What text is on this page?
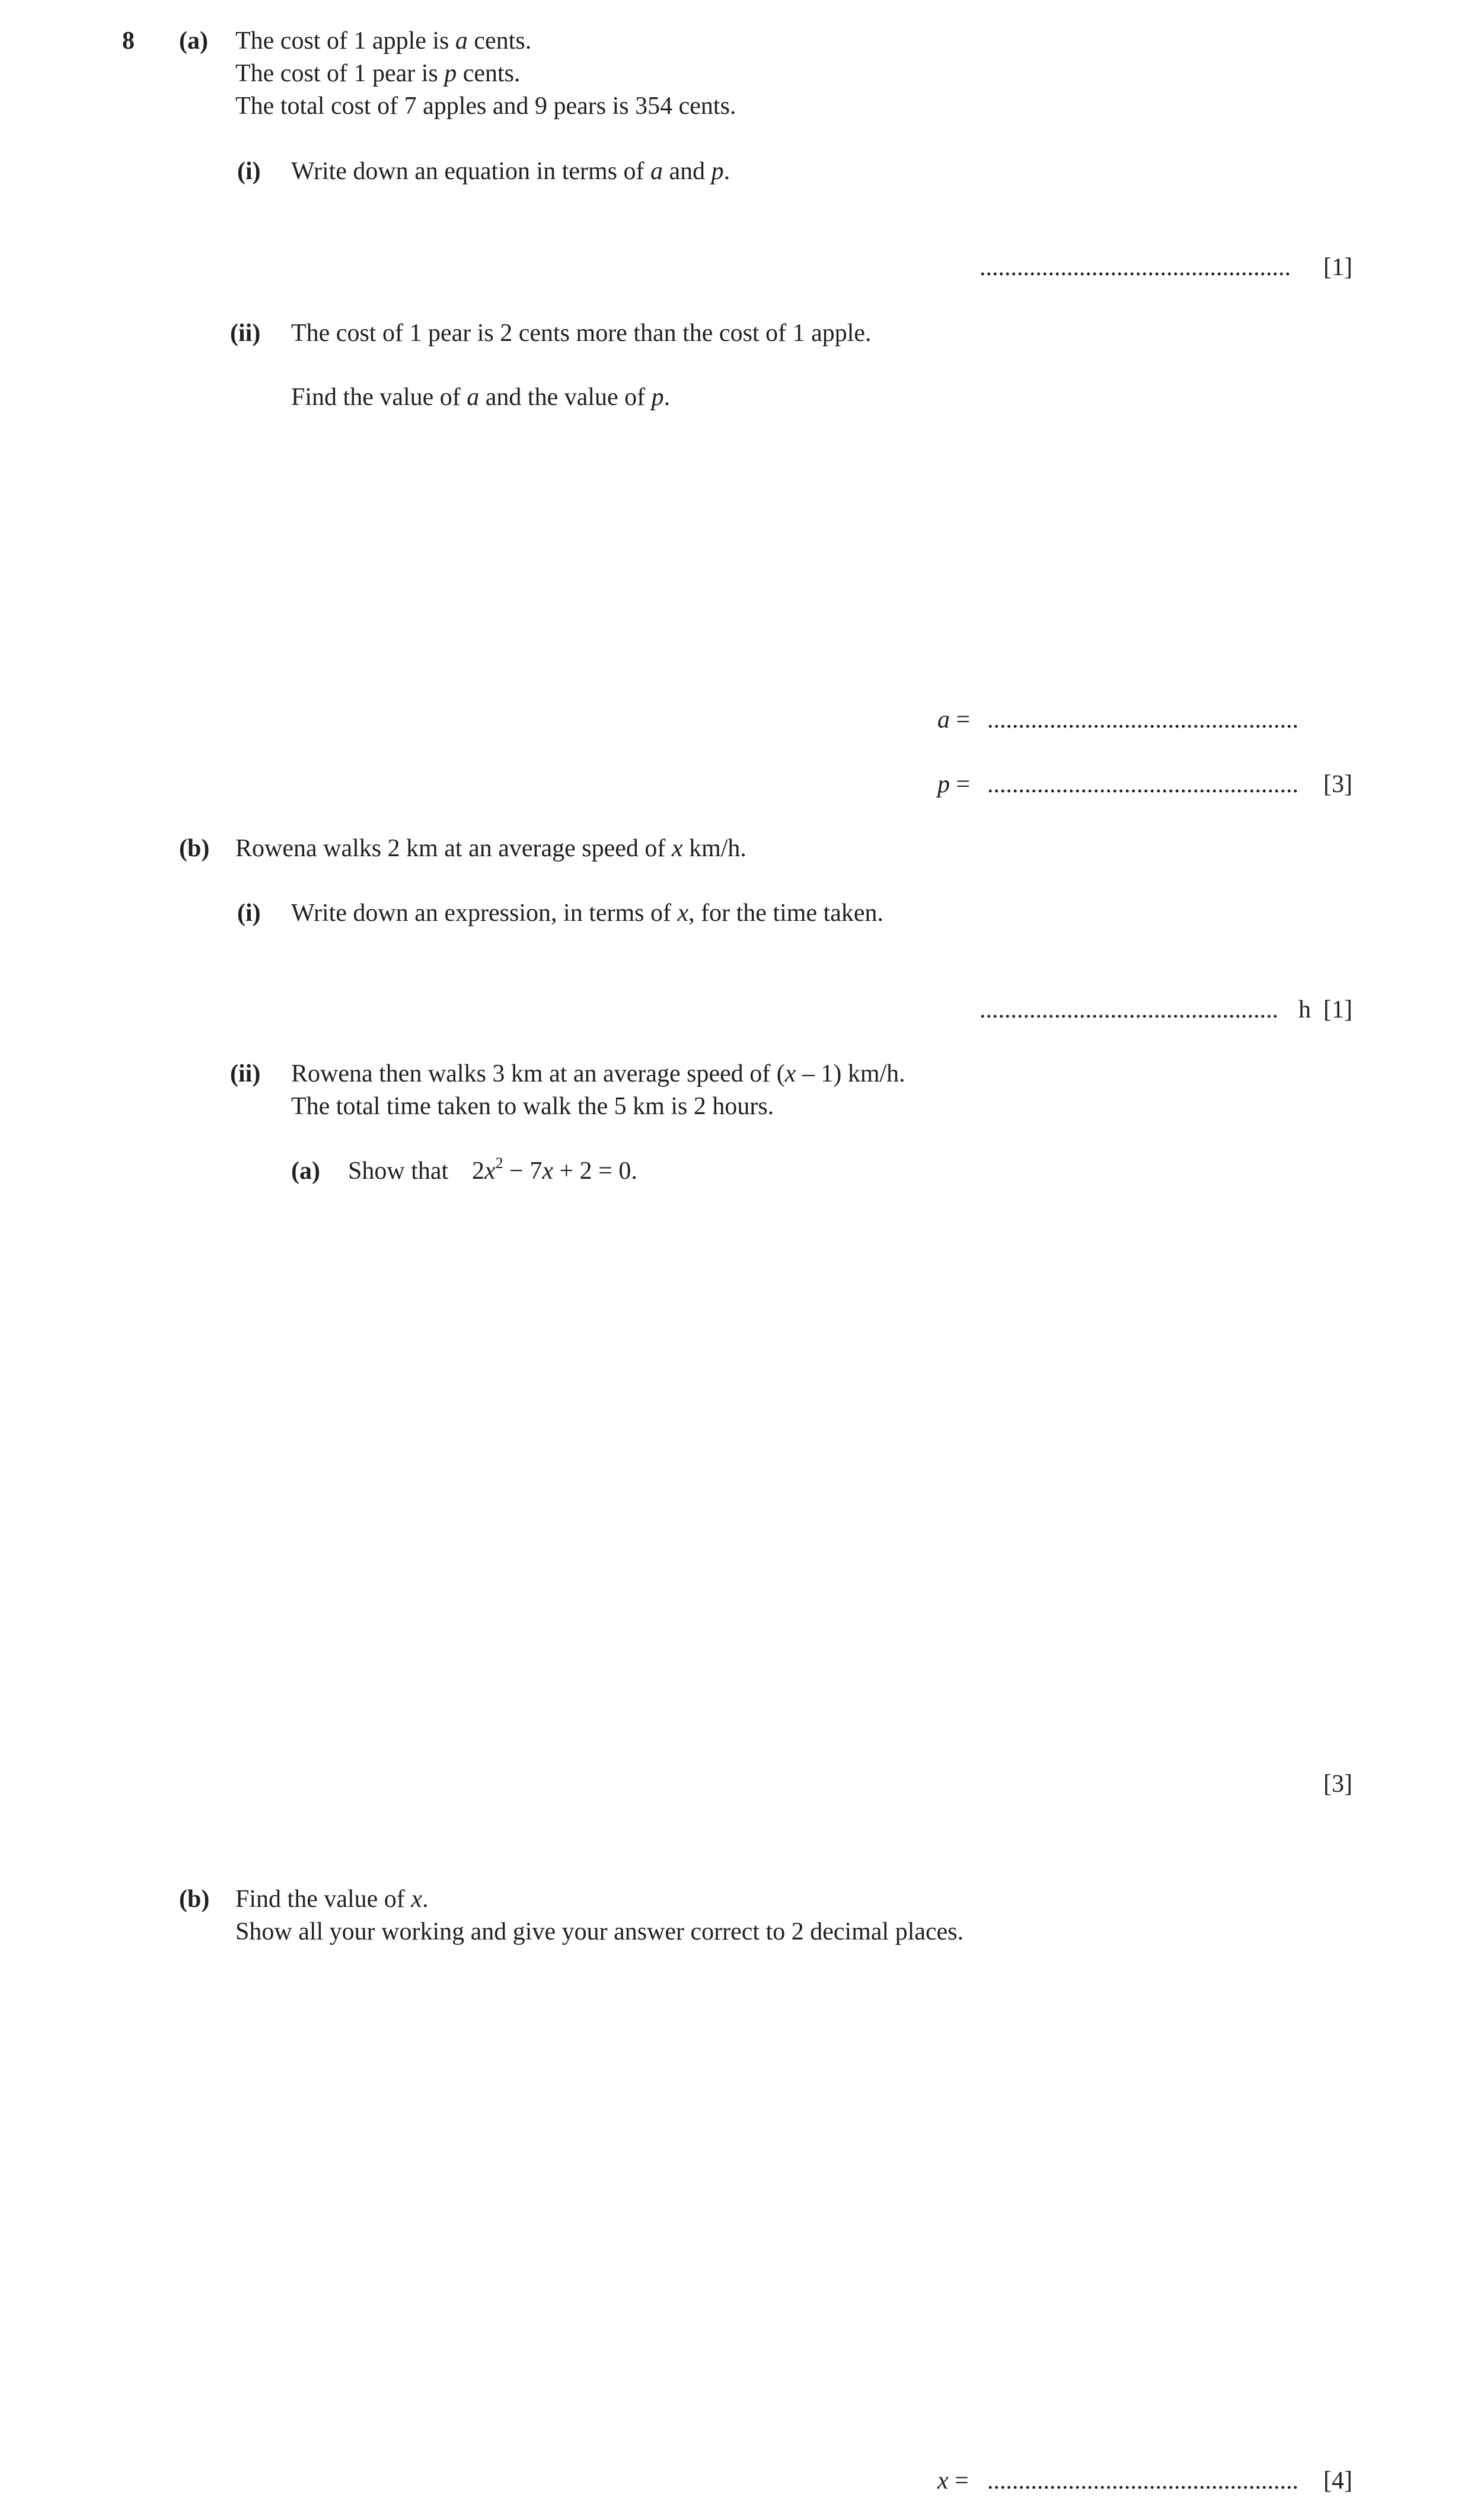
8 (a) The cost of 1 apple is a cents.
The cost of 1 pear is p cents.
The total cost of 7 apples and 9 pears is 354 cents.
(i) Write down an equation in terms of a and p.
.................................................. [1]
(ii) The cost of 1 pear is 2 cents more than the cost of 1 apple.
Find the value of a and the value of p.
a = ..................................................
p = .................................................. [3]
(b) Rowena walks 2 km at an average speed of x km/h.
(i) Write down an expression, in terms of x, for the time taken.
................................................ h [1]
(ii) Rowena then walks 3 km at an average speed of (x – 1) km/h.
The total time taken to walk the 5 km is 2 hours.
(a) Show that $2x^2 - 7x + 2 = 0$.
[3]
(b) Find the value of x.
Show all your working and give your answer correct to 2 decimal places.
x = .................................................. [4]
